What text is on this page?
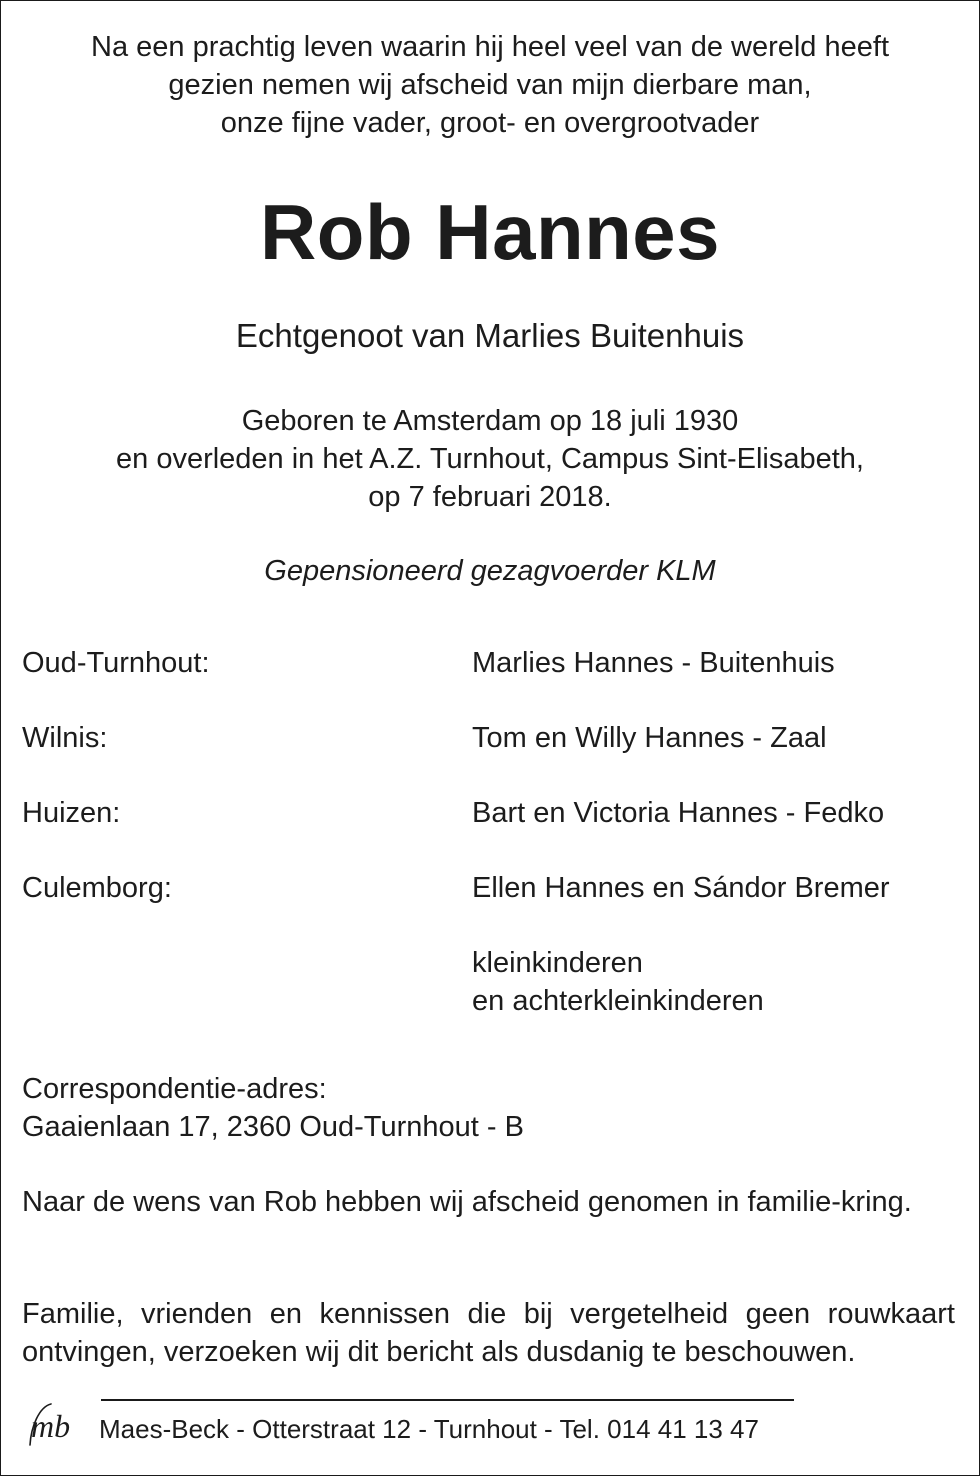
Na een prachtig leven waarin hij heel veel van de wereld heeft
gezien nemen wij afscheid van mijn dierbare man,
onze fijne vader, groot- en overgrootvader
Rob Hannes
Echtgenoot van Marlies Buitenhuis
Geboren te Amsterdam op 18 juli 1930
en overleden in het A.Z. Turnhout, Campus Sint-Elisabeth,
op 7 februari 2018.
Gepensioneerd gezagvoerder KLM
Oud-Turnhout:	Marlies Hannes - Buitenhuis
Wilnis:	Tom en Willy Hannes - Zaal
Huizen:	Bart en Victoria Hannes - Fedko
Culemborg:	Ellen Hannes en Sándor Bremer
kleinkinderen
en achterkleinkinderen
Correspondentie-adres:
Gaaienlaan 17, 2360 Oud-Turnhout - B
Naar de wens van Rob hebben wij afscheid genomen in familie-kring.
Familie, vrienden en kennissen die bij vergetelheid geen rouwkaart ontvingen, verzoeken wij dit bericht als dusdanig te beschouwen.
mb Maes-Beck - Otterstraat 12 - Turnhout - Tel. 014 41 13 47
